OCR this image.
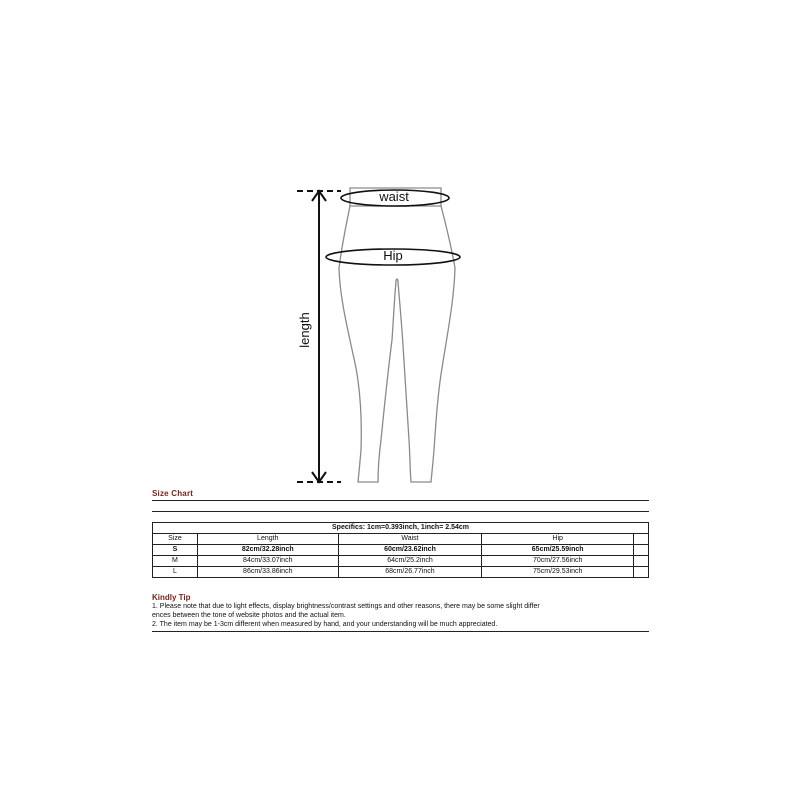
waist
Hip
length
Size Chart
Specifics: 1cm=0.393inch, 1inch= 2.54cm				
Size	Length	Waist	Hip	
S	82cm/32.28inch	60cm/23.62inch	65cm/25.59inch	
M	84cm/33.07inch	64cm/25.2inch	70cm/27.56inch	
L	86cm/33.86inch	68cm/26.77inch	75cm/29.53inch	
Kindly Tip

1. Please note that due to light effects, display brightness/contrast settings and other reasons, there may be some slight differ

ences between the tone of website photos and the actual item.

2. The item may be 1-3cm different when measured by hand, and your understanding will be much appreciated.
